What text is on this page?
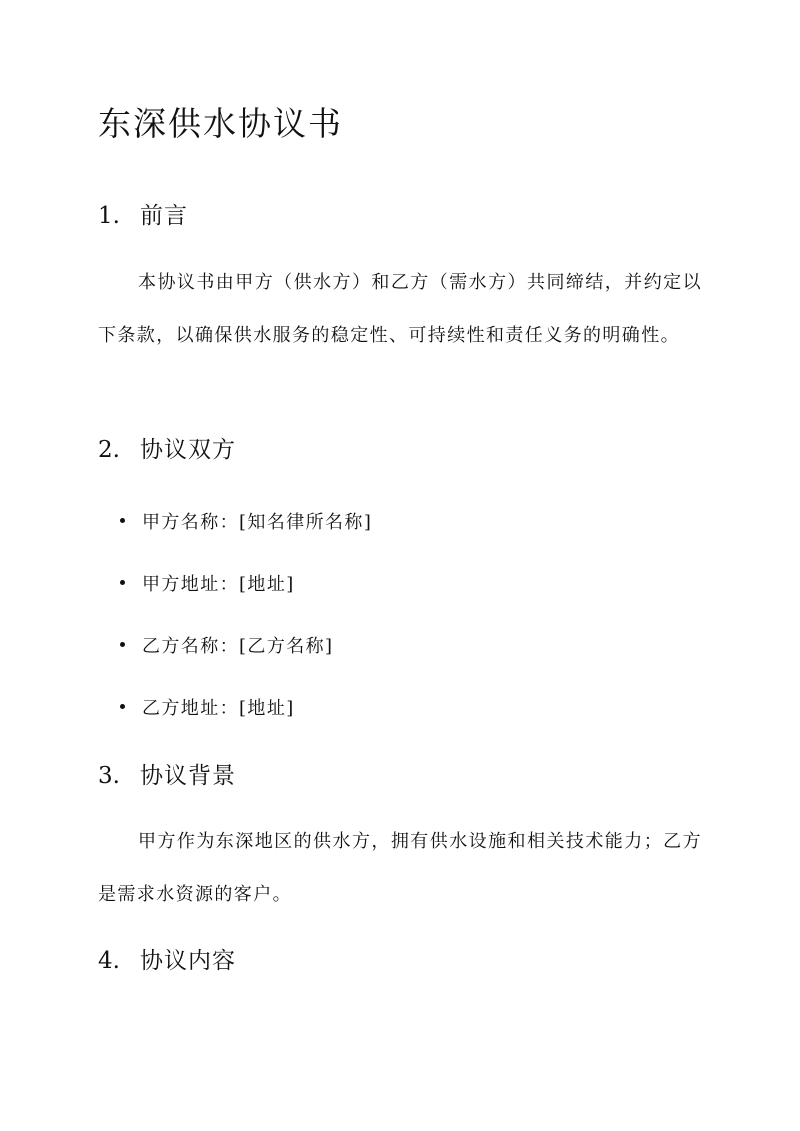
东深供水协议书
1. 前言

本协议书由甲方（供水方）和乙方（需水方）共同缔结，并约定以下条款，以确保供水服务的稳定性、可持续性和责任义务的明确性。

2. 协议双方
甲方名称：[知名律所名称]
甲方地址：[地址]
乙方名称：[乙方名称]
乙方地址：[地址]
3. 协议背景

甲方作为东深地区的供水方，拥有供水设施和相关技术能力；乙方是需求水资源的客户。

4. 协议内容
